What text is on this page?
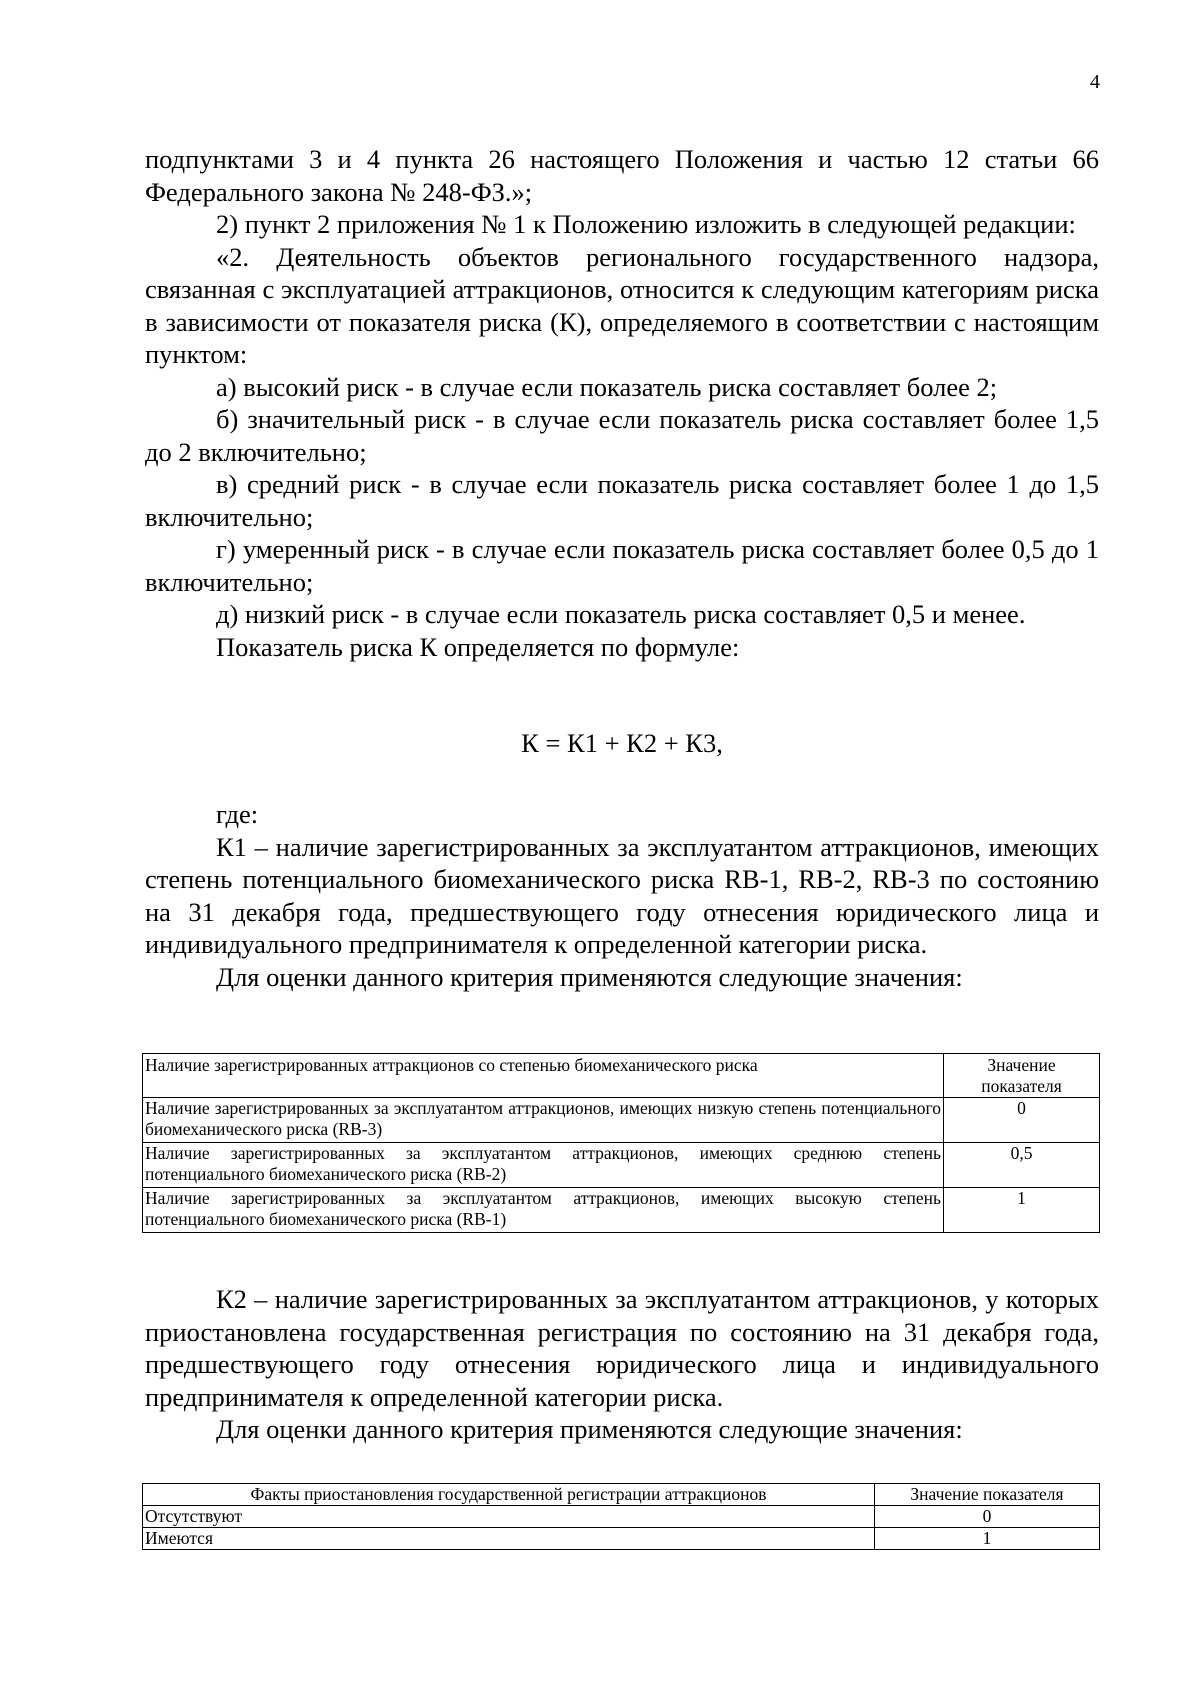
4

подпунктами 3 и 4 пункта 26 настоящего Положения и частью 12 статьи 66 Федерального закона № 248-ФЗ.»;

2) пункт 2 приложения № 1 к Положению изложить в следующей редакции:

«2. Деятельность объектов регионального государственного надзора, связанная с эксплуатацией аттракционов, относится к следующим категориям риска в зависимости от показателя риска (К), определяемого в соответствии с настоящим пунктом:

а) высокий риск - в случае если показатель риска составляет более 2;

б) значительный риск - в случае если показатель риска составляет более 1,5 до 2 включительно;

в) средний риск - в случае если показатель риска составляет более 1 до 1,5 включительно;

г) умеренный риск - в случае если показатель риска составляет более 0,5 до 1 включительно;

д) низкий риск - в случае если показатель риска составляет 0,5 и менее.

Показатель риска К определяется по формуле:

К = К1 + К2 + К3,

где:

К1 – наличие зарегистрированных за эксплуатантом аттракционов, имеющих степень потенциального биомеханического риска RB-1, RB-2, RB-3 по состоянию на 31 декабря года, предшествующего году отнесения юридического лица и индивидуального предпринимателя к определенной категории риска.

Для оценки данного критерия применяются следующие значения:

Наличие зарегистрированных аттракционов со степенью биомеханического риска	Значение показателя
Наличие зарегистрированных за эксплуатантом аттракционов, имеющих низкую степень потенциального биомеханического риска (RB-3)	0
Наличие зарегистрированных за эксплуатантом аттракционов, имеющих среднюю степень потенциального биомеханического риска (RB-2)	0,5
Наличие зарегистрированных за эксплуатантом аттракционов, имеющих высокую степень потенциального биомеханического риска (RB-1)	1

К2 – наличие зарегистрированных за эксплуатантом аттракционов, у которых приостановлена государственная регистрация по состоянию на 31 декабря года, предшествующего году отнесения юридического лица и индивидуального предпринимателя к определенной категории риска.

Для оценки данного критерия применяются следующие значения:

Факты приостановления государственной регистрации аттракционов	Значение показателя
Отсутствуют	0
Имеются	1
